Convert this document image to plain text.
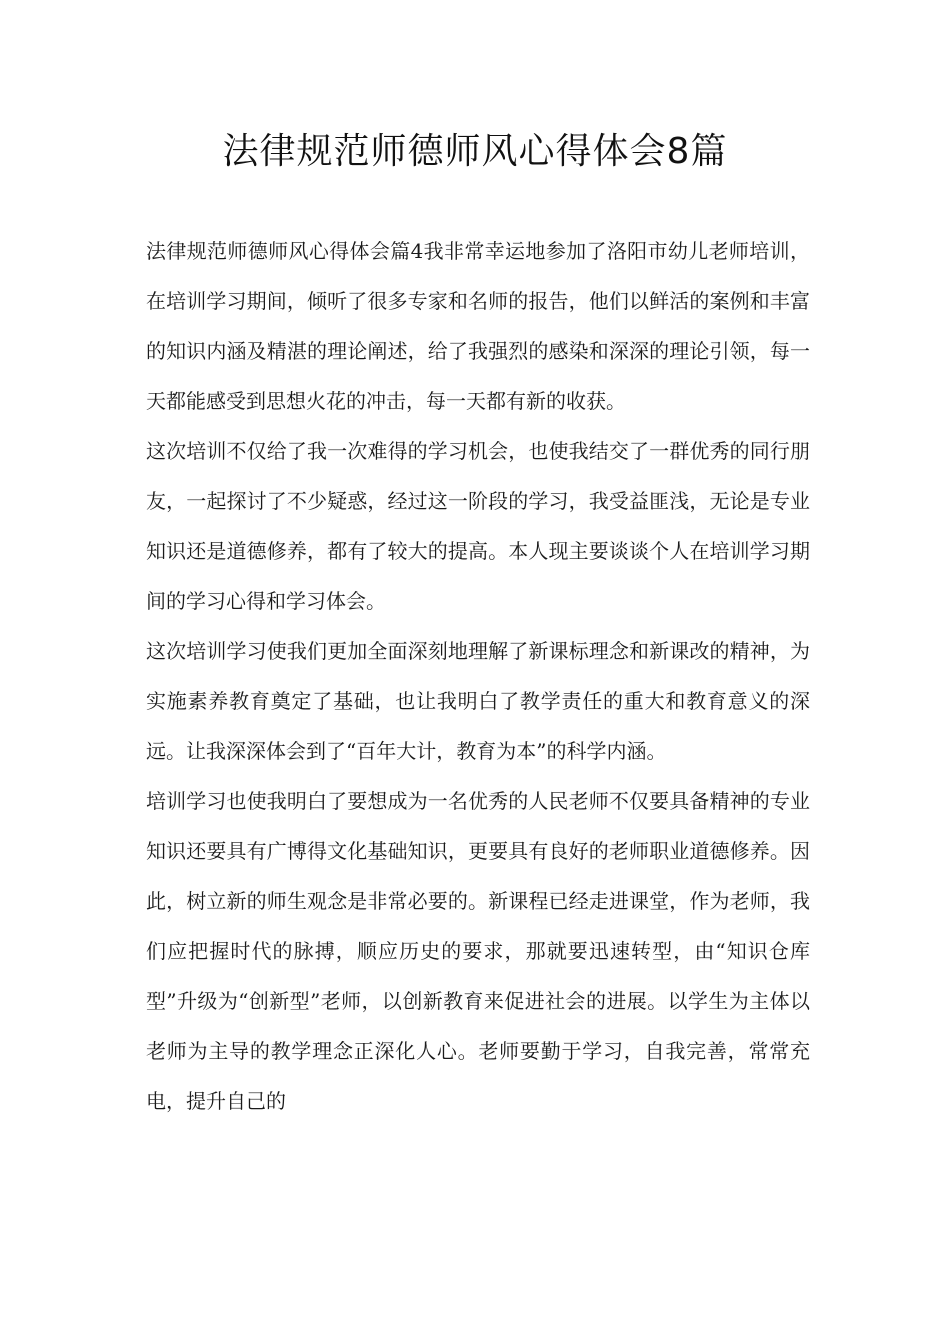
法律规范师德师风心得体会8篇

法律规范师德师风心得体会篇4我非常幸运地参加了洛阳市幼儿老师培训，在培训学习期间，倾听了很多专家和名师的报告，他们以鲜活的案例和丰富的知识内涵及精湛的理论阐述，给了我强烈的感染和深深的理论引领，每一天都能感受到思想火花的冲击，每一天都有新的收获。

这次培训不仅给了我一次难得的学习机会，也使我结交了一群优秀的同行朋友，一起探讨了不少疑惑，经过这一阶段的学习，我受益匪浅，无论是专业知识还是道德修养，都有了较大的提高。本人现主要谈谈个人在培训学习期间的学习心得和学习体会。

这次培训学习使我们更加全面深刻地理解了新课标理念和新课改的精神，为实施素养教育奠定了基础，也让我明白了教学责任的重大和教育意义的深远。让我深深体会到了“百年大计，教育为本”的科学内涵。

培训学习也使我明白了要想成为一名优秀的人民老师不仅要具备精神的专业知识还要具有广博得文化基础知识，更要具有良好的老师职业道德修养。因此，树立新的师生观念是非常必要的。新课程已经走进课堂，作为老师，我们应把握时代的脉搏，顺应历史的要求，那就要迅速转型，由“知识仓库型”升级为“创新型”老师，以创新教育来促进社会的进展。以学生为主体以老师为主导的教学理念正深化人心。老师要勤于学习，自我完善，常常充电，提升自己的
